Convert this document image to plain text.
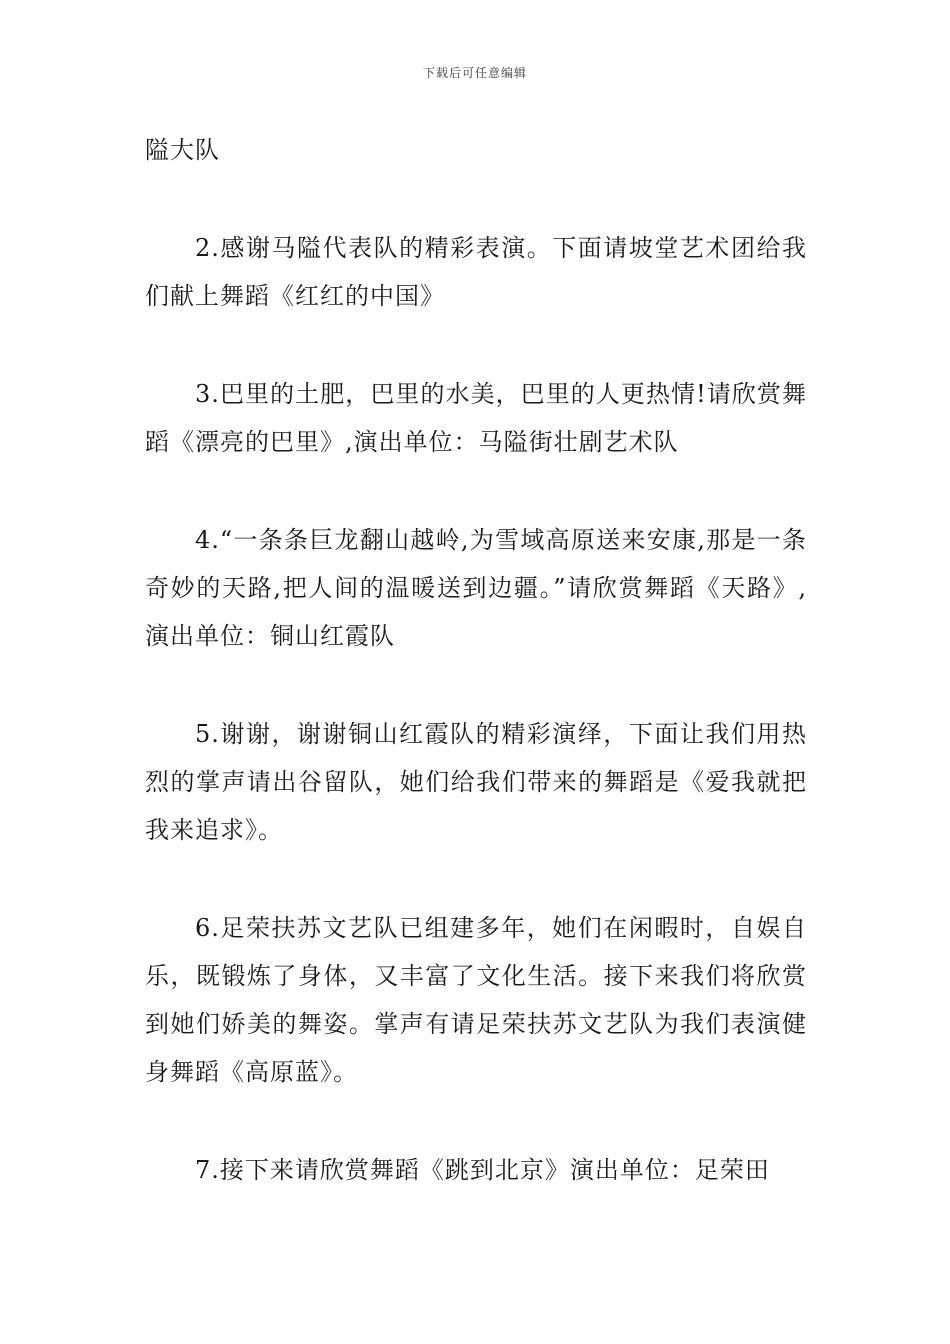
下载后可任意编辑

隘大队

2.感谢马隘代表队的精彩表演。下面请坡堂艺术团给我们献上舞蹈《红红的中国》

3.巴里的土肥，巴里的水美，巴里的人更热情!请欣赏舞蹈《漂亮的巴里》,演出单位：马隘街壮剧艺术队

4.“一条条巨龙翻山越岭,为雪域高原送来安康,那是一条奇妙的天路,把人间的温暖送到边疆。”请欣赏舞蹈《天路》,演出单位：铜山红霞队

5.谢谢，谢谢铜山红霞队的精彩演绎，下面让我们用热烈的掌声请出谷留队，她们给我们带来的舞蹈是《爱我就把我来追求》。

6.足荣扶苏文艺队已组建多年，她们在闲暇时，自娱自乐，既锻炼了身体，又丰富了文化生活。接下来我们将欣赏到她们娇美的舞姿。掌声有请足荣扶苏文艺队为我们表演健身舞蹈《高原蓝》。

7.接下来请欣赏舞蹈《跳到北京》演出单位：足荣田
